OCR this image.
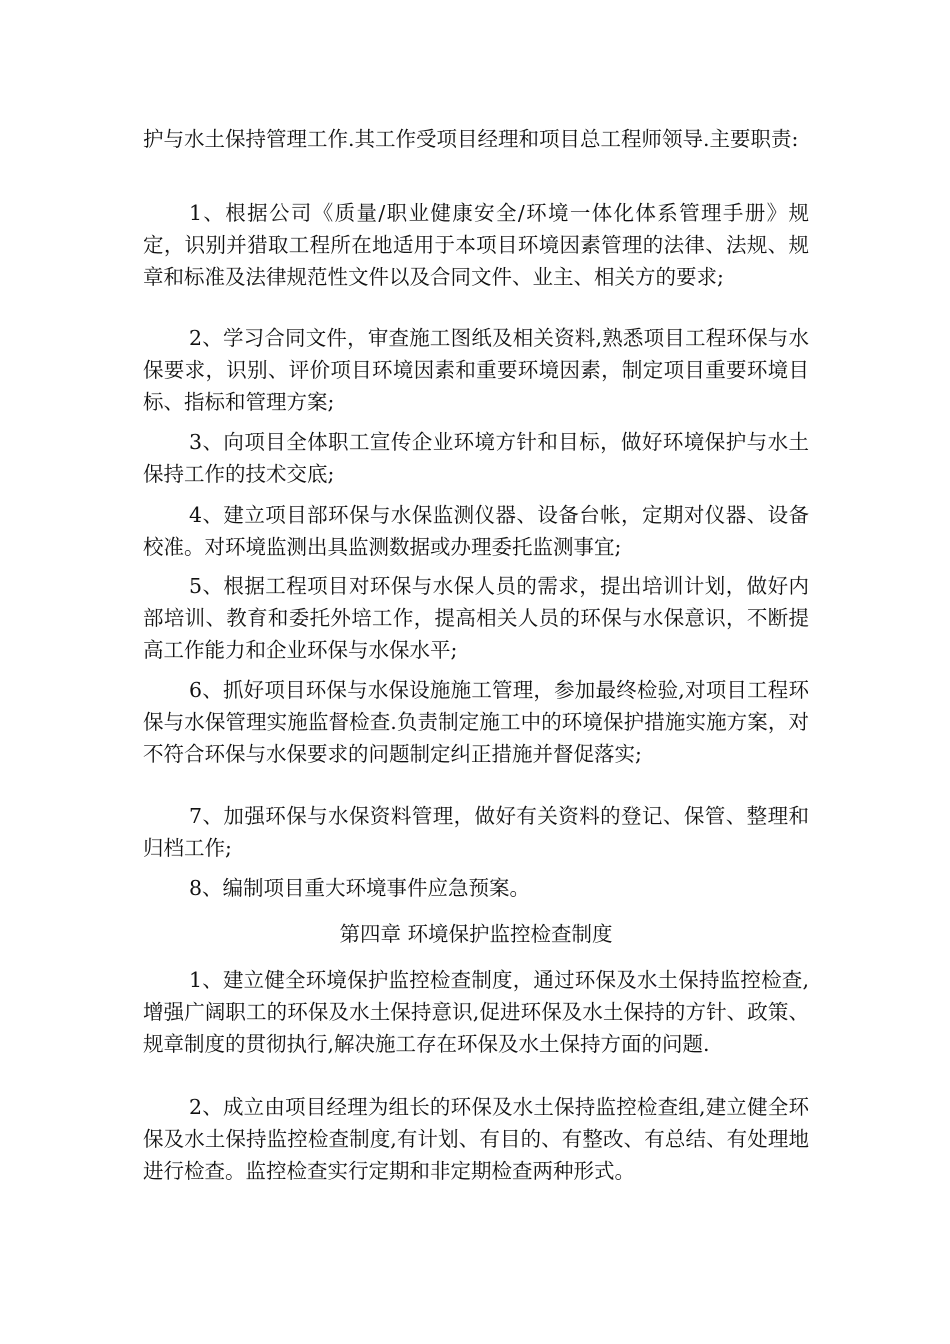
护与水土保持管理工作.其工作受项目经理和项目总工程师领导.主要职责:

1、根据公司《质量/职业健康安全/环境一体化体系管理手册》规定，识别并猎取工程所在地适用于本项目环境因素管理的法律、法规、规章和标准及法律规范性文件以及合同文件、业主、相关方的要求;

2、学习合同文件，审查施工图纸及相关资料,熟悉项目工程环保与水保要求，识别、评价项目环境因素和重要环境因素，制定项目重要环境目标、指标和管理方案;

3、向项目全体职工宣传企业环境方针和目标，做好环境保护与水土保持工作的技术交底;

4、建立项目部环保与水保监测仪器、设备台帐，定期对仪器、设备校准。对环境监测出具监测数据或办理委托监测事宜;

5、根据工程项目对环保与水保人员的需求，提出培训计划，做好内部培训、教育和委托外培工作，提高相关人员的环保与水保意识，不断提高工作能力和企业环保与水保水平;

6、抓好项目环保与水保设施施工管理，参加最终检验,对项目工程环保与水保管理实施监督检查.负责制定施工中的环境保护措施实施方案，对不符合环保与水保要求的问题制定纠正措施并督促落实;

7、加强环保与水保资料管理，做好有关资料的登记、保管、整理和归档工作;

8、编制项目重大环境事件应急预案。

第四章 环境保护监控检查制度

1、建立健全环境保护监控检查制度，通过环保及水土保持监控检查,增强广阔职工的环保及水土保持意识,促进环保及水土保持的方针、政策、规章制度的贯彻执行,解决施工存在环保及水土保持方面的问题.

2、成立由项目经理为组长的环保及水土保持监控检查组,建立健全环保及水土保持监控检查制度,有计划、有目的、有整改、有总结、有处理地进行检查。监控检查实行定期和非定期检查两种形式。
